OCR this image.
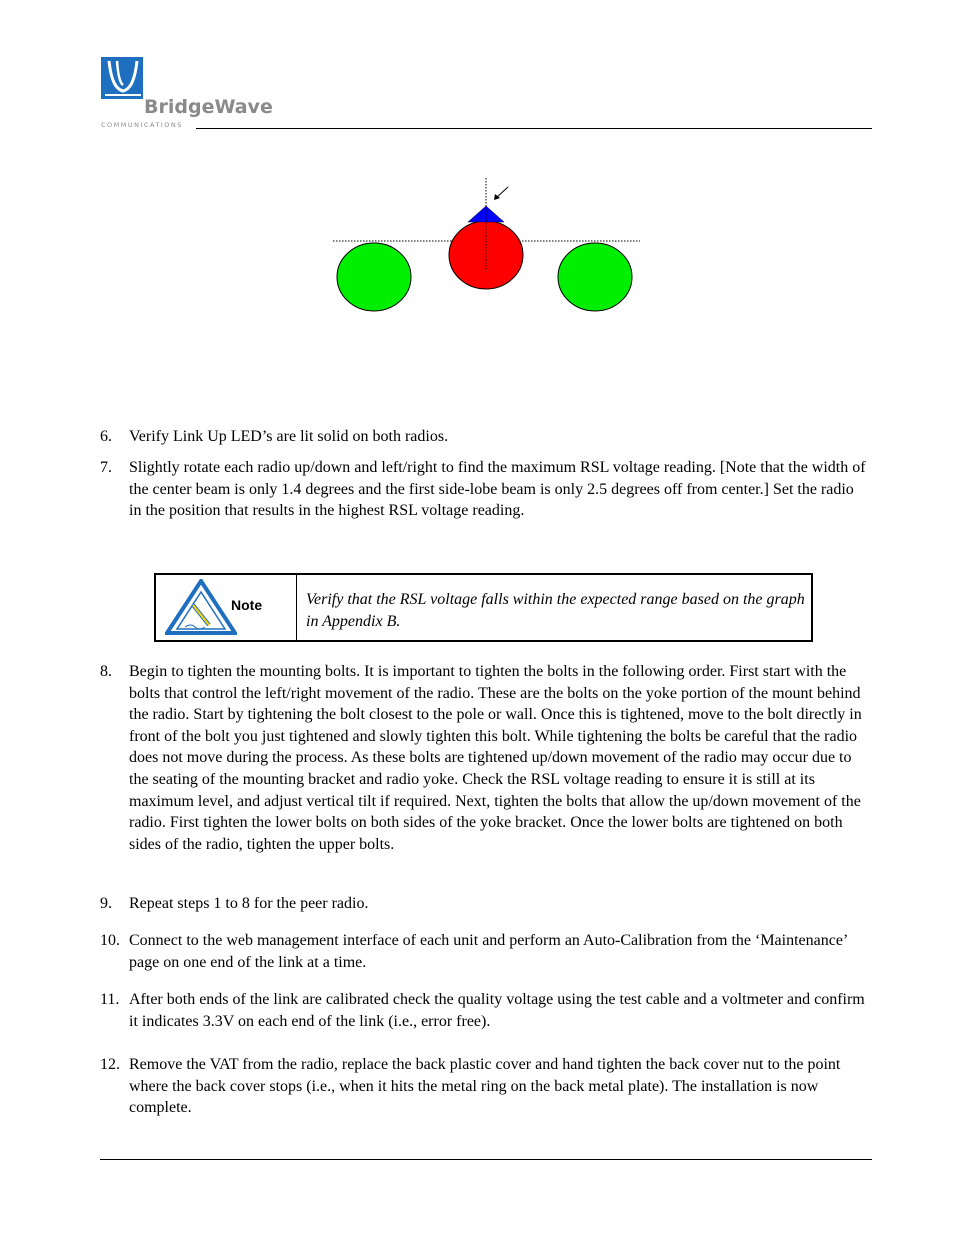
BridgeWave
COMMUNICATIONS
6. Verify Link Up LED’s are lit solid on both radios.
7. Slightly rotate each radio up/down and left/right to find the maximum RSL voltage reading. [Note that the width of the center beam is only 1.4 degrees and the first side-lobe beam is only 2.5 degrees off from center.] Set the radio in the position that results in the highest RSL voltage reading.
Note	Verify that the RSL voltage falls within the expected range based on the graph in Appendix B.
8. Begin to tighten the mounting bolts. It is important to tighten the bolts in the following order. First start with the bolts that control the left/right movement of the radio. These are the bolts on the yoke portion of the mount behind the radio. Start by tightening the bolt closest to the pole or wall. Once this is tightened, move to the bolt directly in front of the bolt you just tightened and slowly tighten this bolt. While tightening the bolts be careful that the radio does not move during the process. As these bolts are tightened up/down movement of the radio may occur due to the seating of the mounting bracket and radio yoke. Check the RSL voltage reading to ensure it is still at its maximum level, and adjust vertical tilt if required. Next, tighten the bolts that allow the up/down movement of the radio. First tighten the lower bolts on both sides of the yoke bracket. Once the lower bolts are tightened on both sides of the radio, tighten the upper bolts.
9. Repeat steps 1 to 8 for the peer radio.
10. Connect to the web management interface of each unit and perform an Auto-Calibration from the ‘Maintenance’ page on one end of the link at a time.
11. After both ends of the link are calibrated check the quality voltage using the test cable and a voltmeter and confirm it indicates 3.3V on each end of the link (i.e., error free).
12. Remove the VAT from the radio, replace the back plastic cover and hand tighten the back cover nut to the point where the back cover stops (i.e., when it hits the metal ring on the back metal plate). The installation is now complete.
